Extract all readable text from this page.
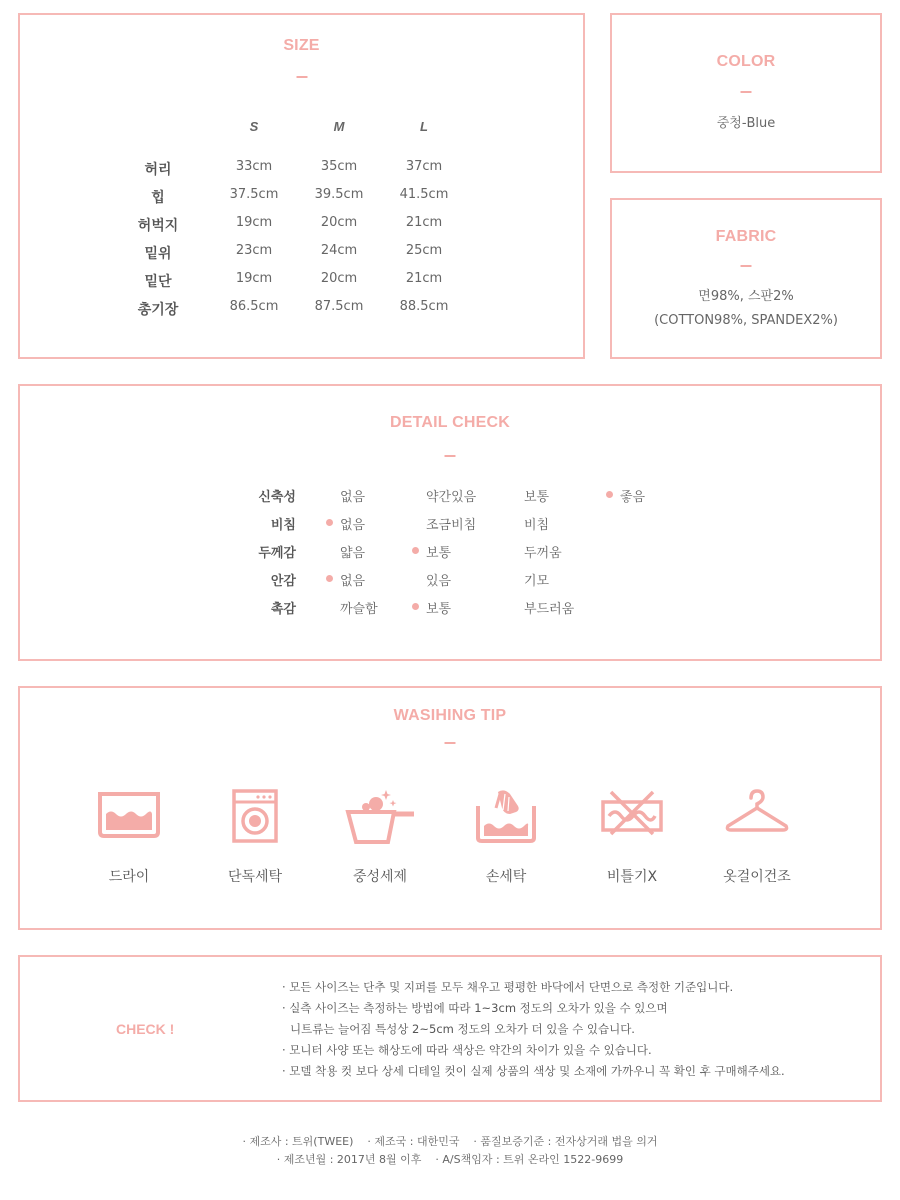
SIZE
S	M	L
허리	33cm	35cm	37cm
힙	37.5cm	39.5cm	41.5cm
허벅지	19cm	20cm	21cm
밑위	23cm	24cm	25cm
밑단	19cm	20cm	21cm
총기장	86.5cm	87.5cm	88.5cm
COLOR
중청-Blue
FABRIC
면98%, 스판2%
(COTTON98%, SPANDEX2%)
DETAIL CHECK
신축성	없음	약간있음	보통	좋음
비침	없음	조금비침	비침
두께감	얇음	보통	두꺼움
안감	없음	있음	기모
촉감	까슬함	보통	부드러움
WASIHING TIP
드라이	단독세탁	중성세제	손세탁	비틀기X	옷걸이건조
CHECK !
· 모든 사이즈는 단추 및 지퍼를 모두 채우고 평평한 바닥에서 단면으로 측정한 기준입니다.
· 실측 사이즈는 측정하는 방법에 따라 1~3cm 정도의 오차가 있을 수 있으며
니트류는 늘어짐 특성상 2~5cm 정도의 오차가 더 있을 수 있습니다.
· 모니터 사양 또는 해상도에 따라 색상은 약간의 차이가 있을 수 있습니다.
· 모델 착용 컷 보다 상세 디테일 컷이 실제 상품의 색상 및 소재에 가까우니 꼭 확인 후 구매해주세요.
· 제조사 : 트위(TWEE)    · 제조국 : 대한민국    · 품질보증기준 : 전자상거래 법을 의거
· 제조년월 : 2017년 8월 이후    · A/S책임자 : 트위 온라인 1522-9699
